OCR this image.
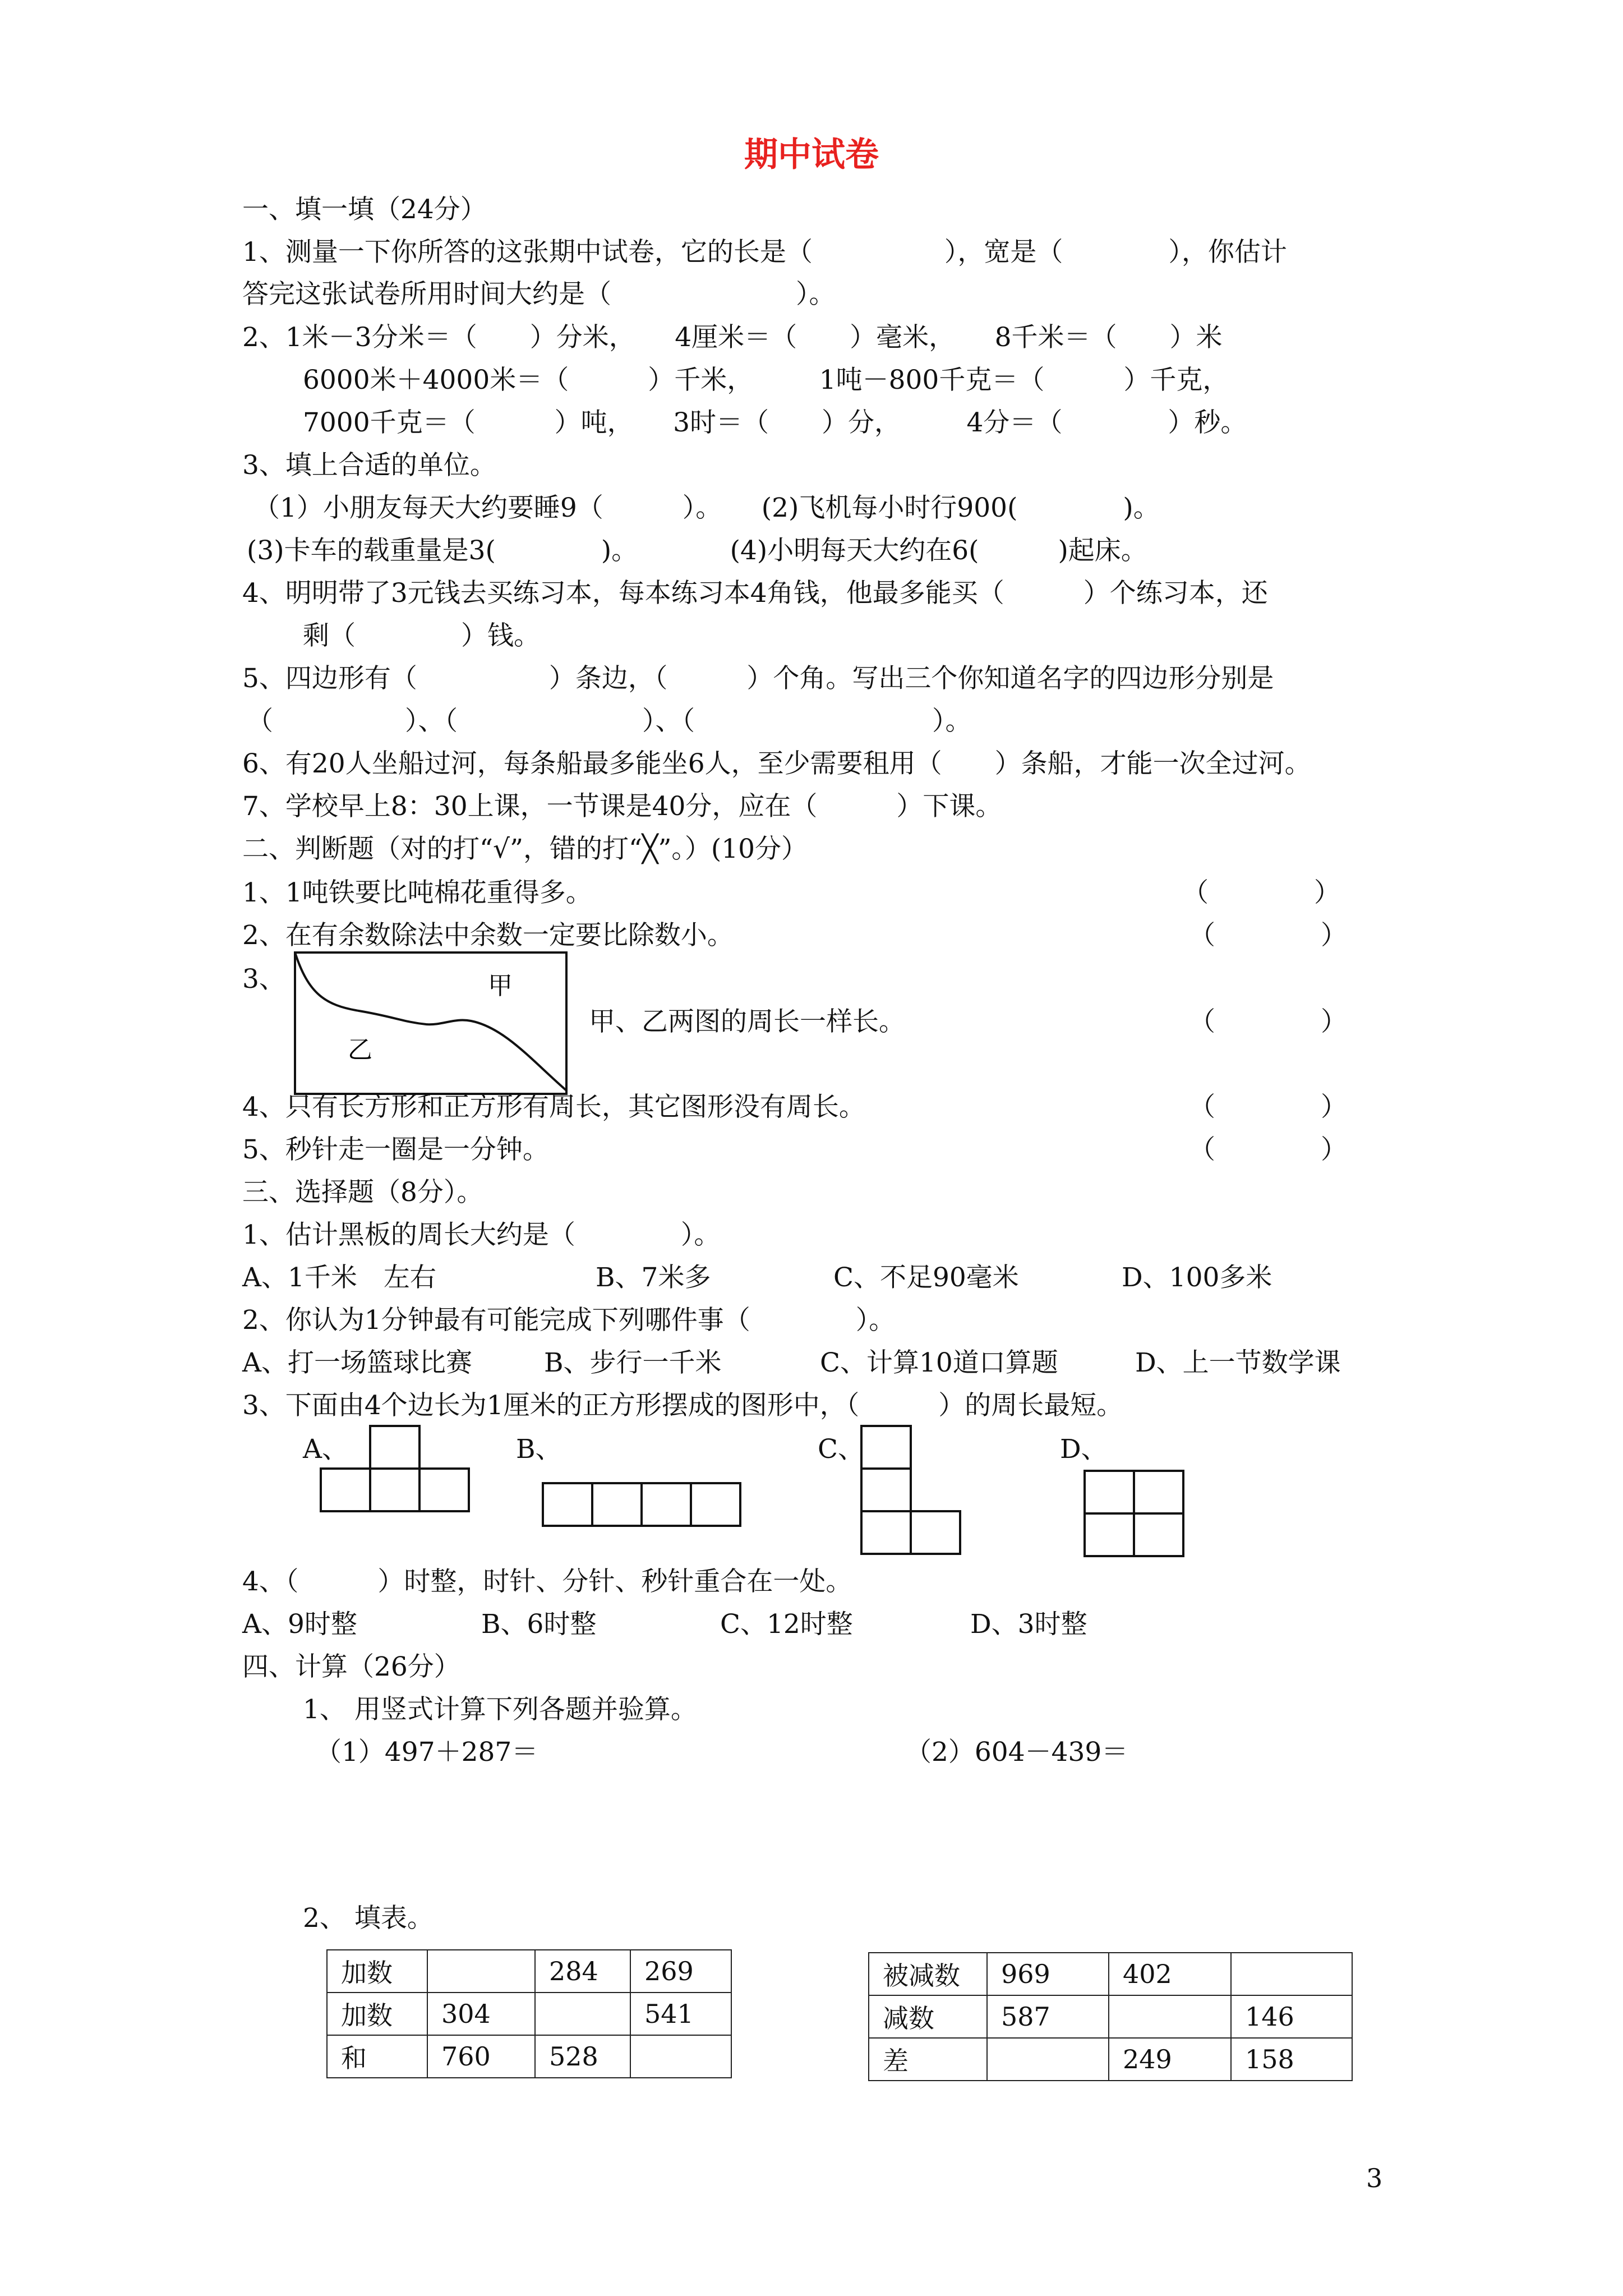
期中试卷
一、填一填（24分）
1、测量一下你所答的这张期中试卷，它的长是（　　　　　），宽是（　　　　），你估计
答完这张试卷所用时间大约是（　　　　　　　）。
2、1米－3分米＝（　　）分米，　　4厘米＝（　　）毫米，　　8千米＝（　　）米
6000米＋4000米＝（　　　）千米，　　　1吨－800千克＝（　　　）千克，
7000千克＝（　　　）吨，　　3时＝（　　）分，　　　4分＝（　　　　）秒。
3、填上合适的单位。
（1）小朋友每天大约要睡9（　　　）。　　(2)飞机每小时行900(　　　　)。
(3)卡车的载重量是3(　　　　)。　　　　(4)小明每天大约在6(　　　)起床。
4、明明带了3元钱去买练习本，每本练习本4角钱，他最多能买（　　　）个练习本，还
剩（　　　　）钱。
5、四边形有（　　　　　）条边，（　　　）个角。写出三个你知道名字的四边形分别是
（　　　　　）、（　　　　　　　）、（　　　　　　　　　）。
6、有20人坐船过河，每条船最多能坐6人，至少需要租用（　　）条船，才能一次全过河。
7、学校早上8：30上课，一节课是40分，应在（　　　）下课。
二、判断题（对的打“√”，错的打“╳”。）(10分）
1、1吨铁要比吨棉花重得多。	（　　　　）
2、在有余数除法中余数一定要比除数小。	（　　　　）
3、	甲
乙
甲、乙两图的周长一样长。	（　　　　）
4、只有长方形和正方形有周长，其它图形没有周长。	（　　　　）
5、秒针走一圈是一分钟。	（　　　　）
三、选择题（8分）。
1、估计黑板的周长大约是（　　　　）。
A、1千米　左右	B、7米多	C、不足90毫米	D、100多米
2、你认为1分钟最有可能完成下列哪件事（　　　　）。
A、打一场篮球比赛	B、步行一千米	C、计算10道口算题	D、上一节数学课
3、下面由4个边长为1厘米的正方形摆成的图形中，（　　　）的周长最短。
A、	B、	C、	D、
4、（　　　）时整，时针、分针、秒针重合在一处。
A、9时整	B、6时整	C、12时整	D、3时整
四、计算（26分）
1、 用竖式计算下列各题并验算。
（1）497＋287＝	（2）604－439＝
2、 填表。
加数		284	269
加数	304		541
和	760	528	
被减数	969	402	
减数	587		146
差		249	158
3
